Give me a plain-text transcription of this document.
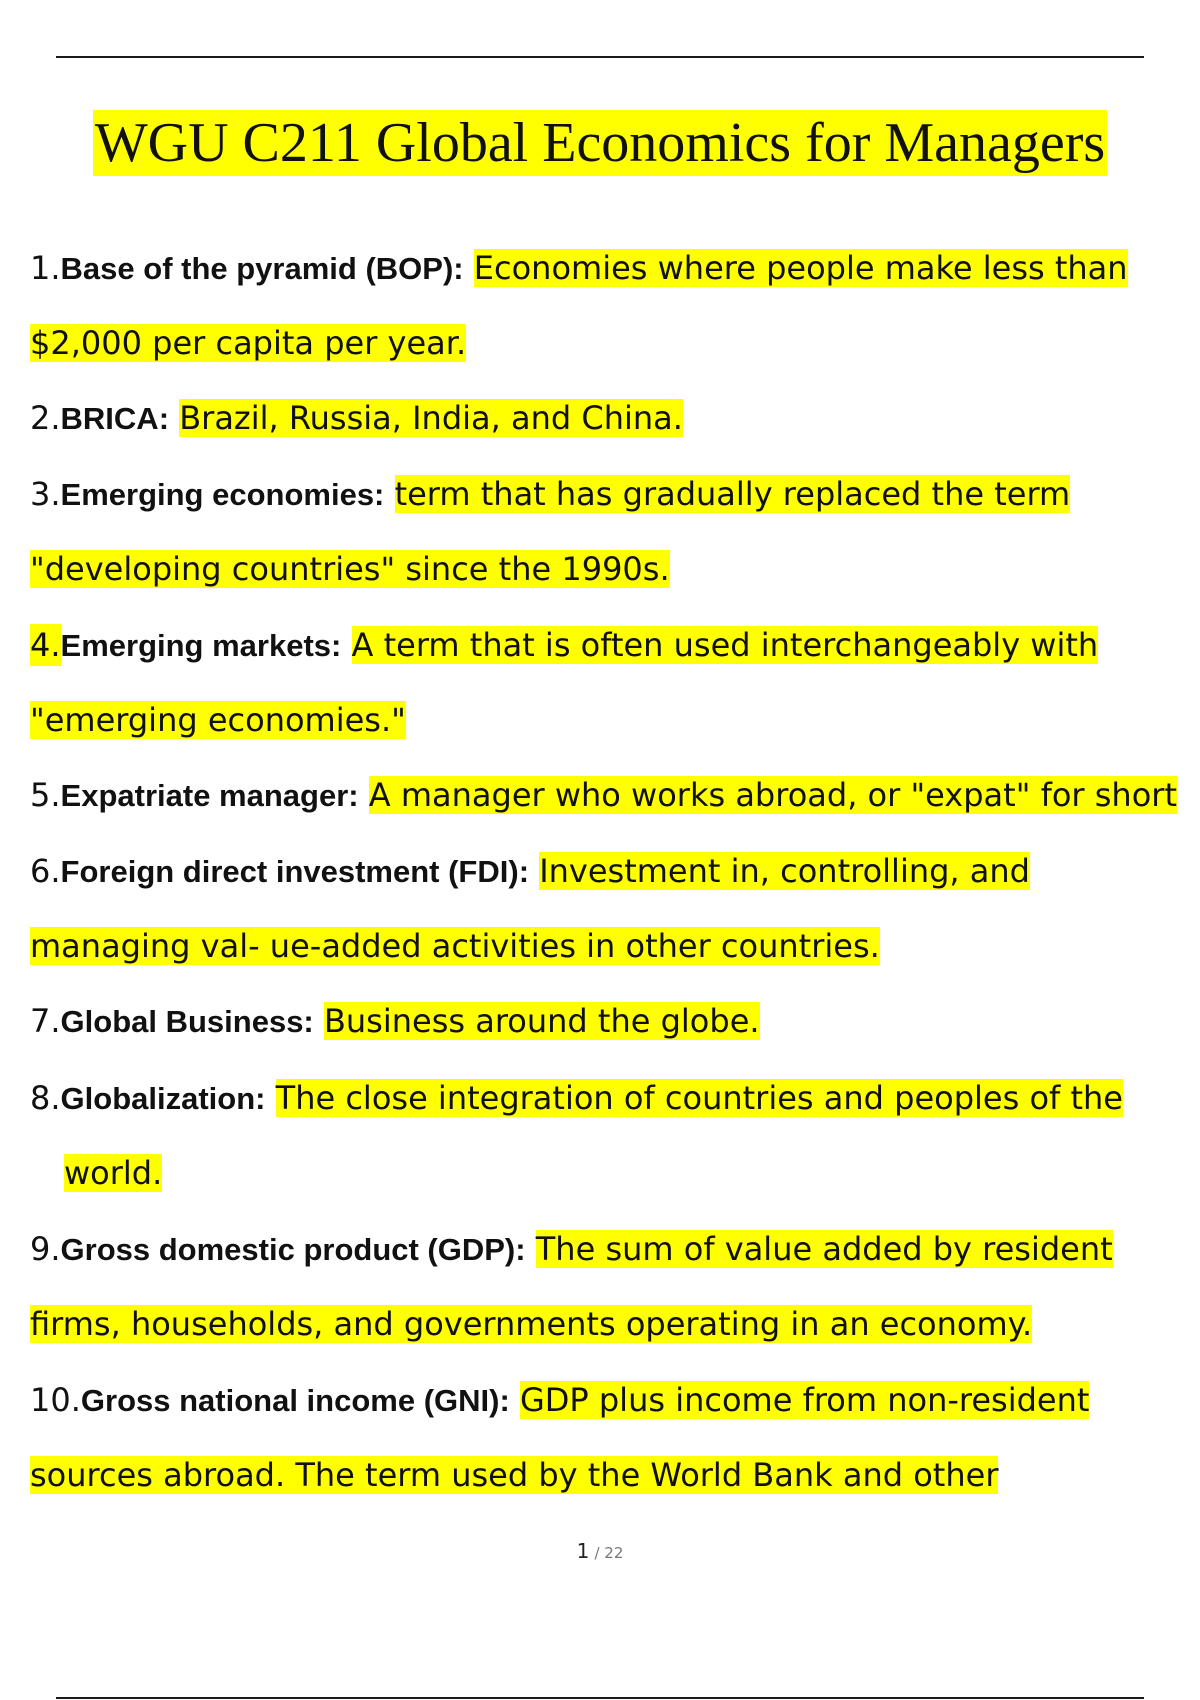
WGU C211 Global Economics for Managers
1.Base of the pyramid (BOP): Economies where people make less than
$2,000 per capita per year.
2.BRICA: Brazil, Russia, India, and China.
3.Emerging economies: term that has gradually replaced the term
"developing countries" since the 1990s.
4.Emerging markets: A term that is often used interchangeably with
"emerging economies."
5.Expatriate manager: A manager who works abroad, or "expat" for short
6.Foreign direct investment (FDI): Investment in, controlling, and
managing val- ue-added activities in other countries.
7.Global Business: Business around the globe.
8.Globalization: The close integration of countries and peoples of the
world.
9.Gross domestic product (GDP): The sum of value added by resident
firms, households, and governments operating in an economy.
10.Gross national income (GNI): GDP plus income from non-resident
sources abroad. The term used by the World Bank and other
1 / 22
